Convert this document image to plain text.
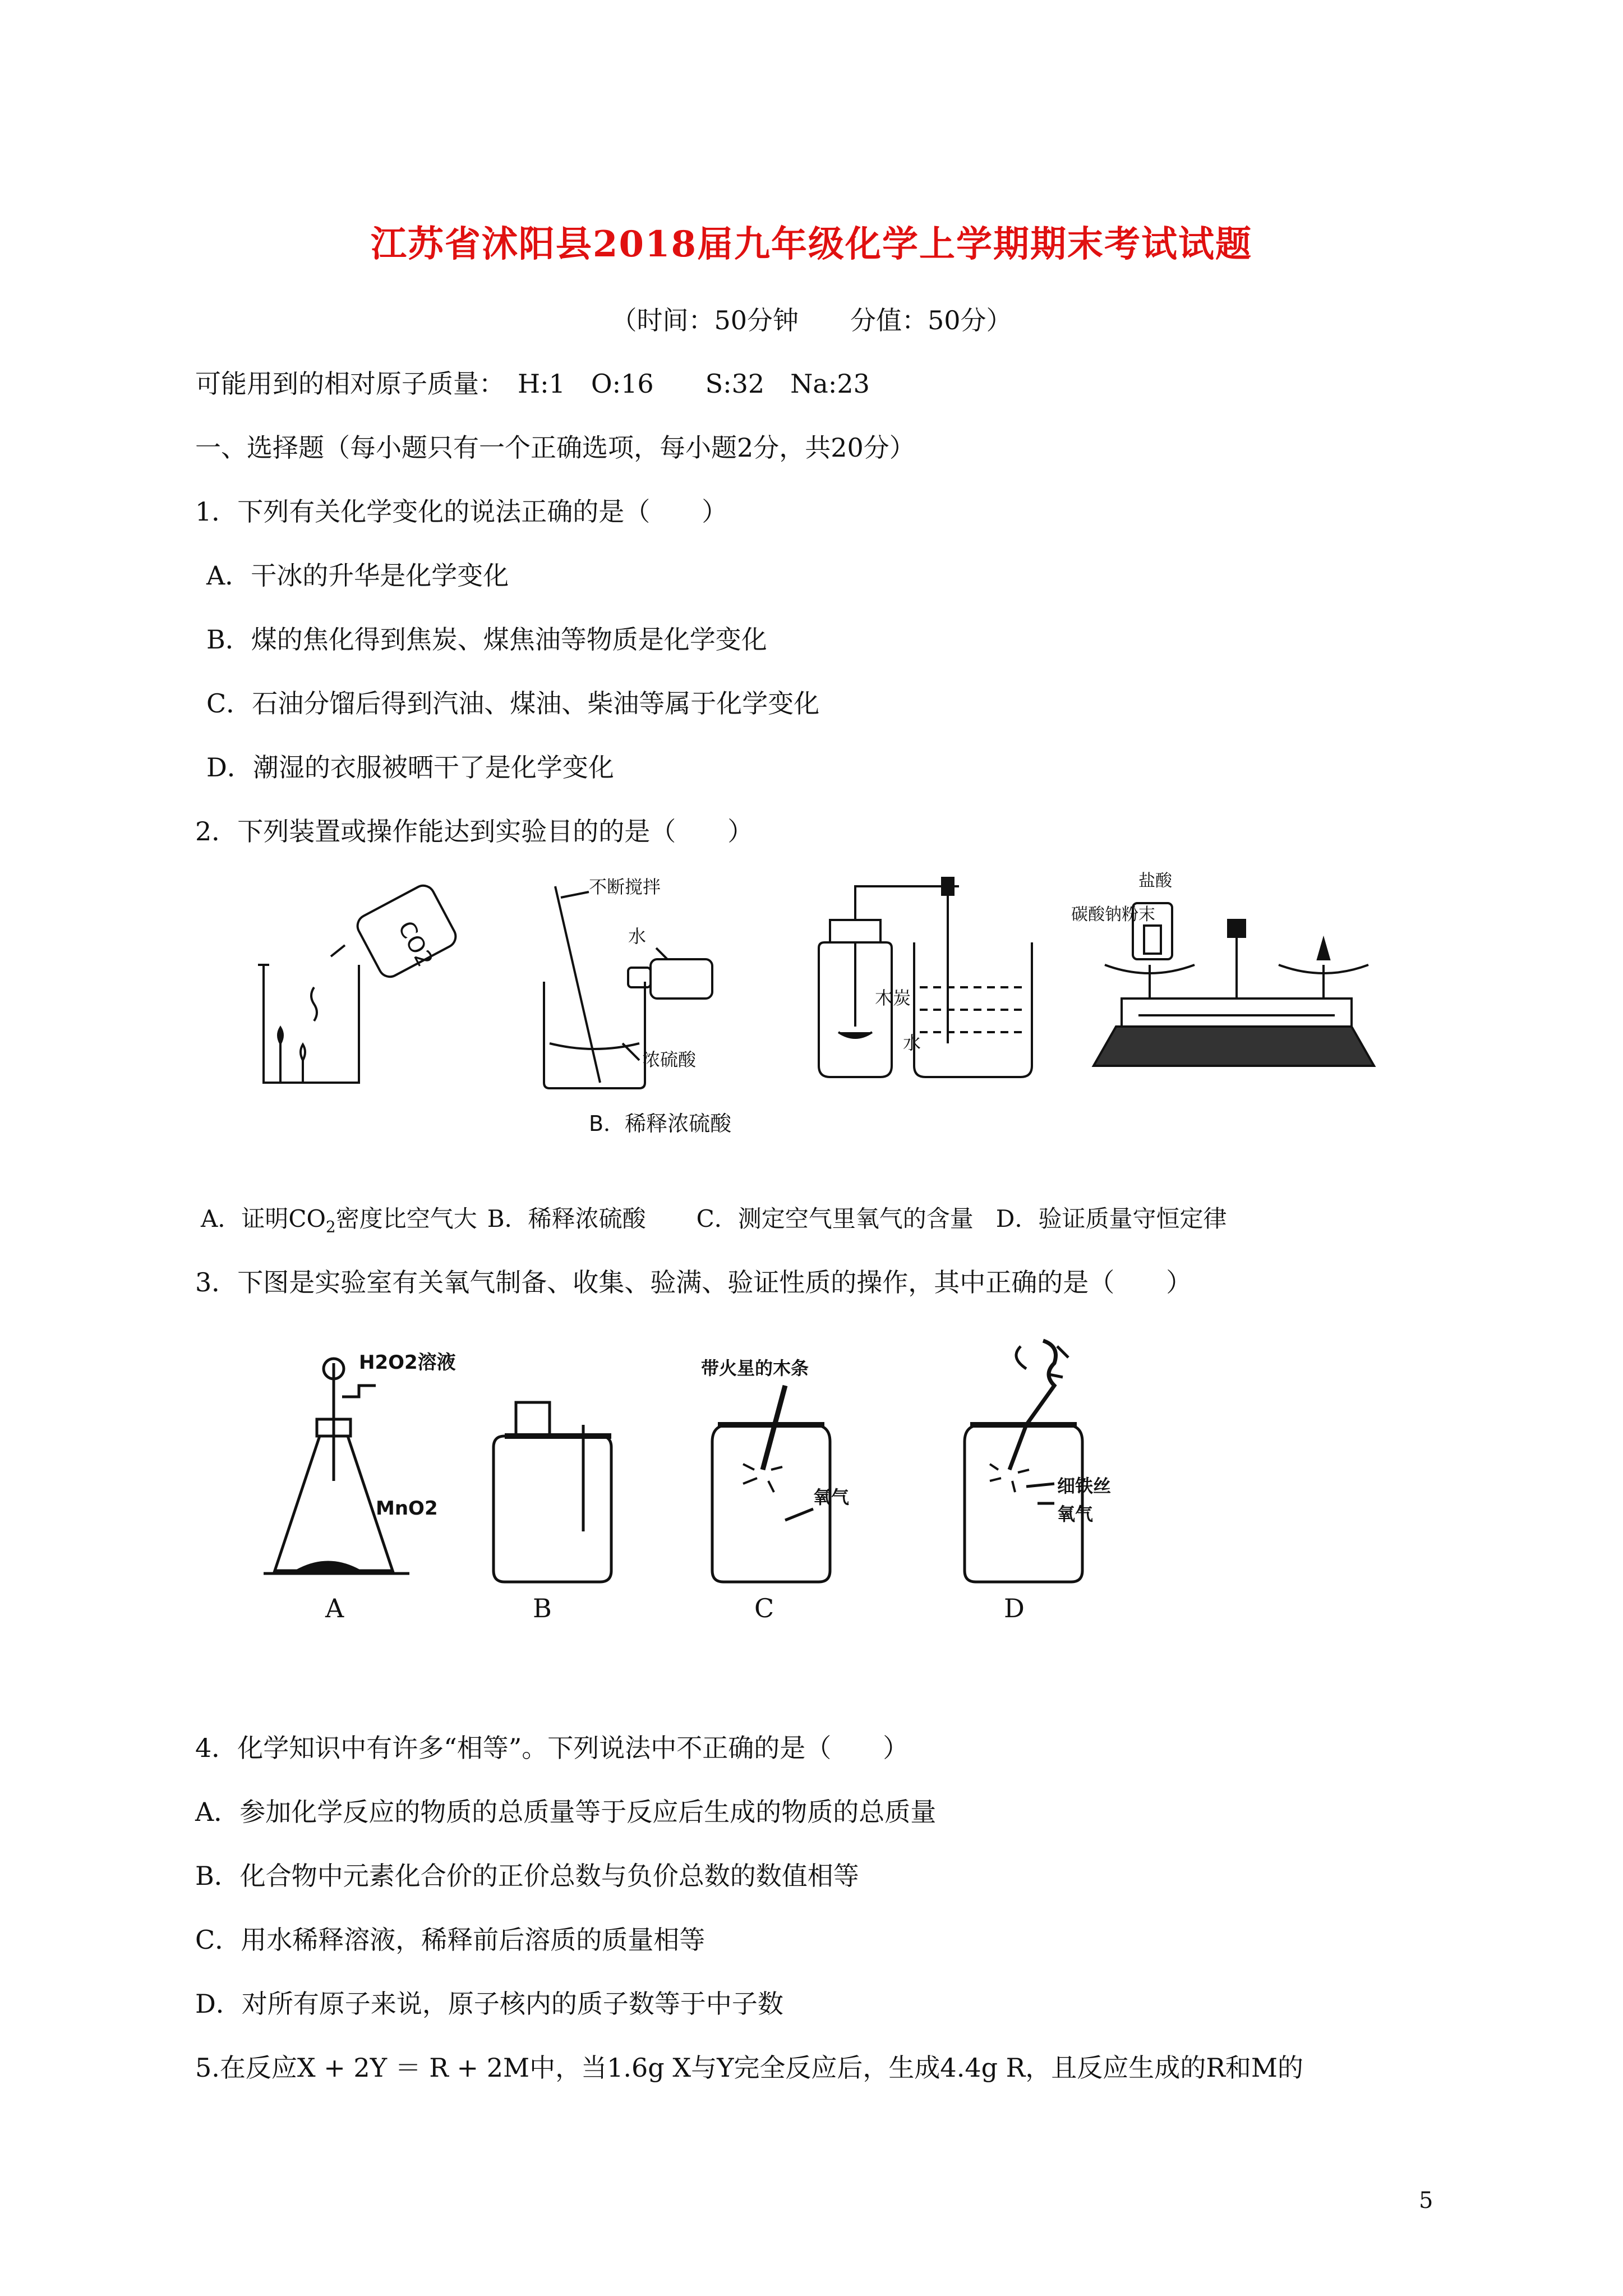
江苏省沭阳县2018届九年级化学上学期期末考试试题
（时间：50分钟　　分值：50分）
可能用到的相对原子质量：　H:1　O:16　　S:32　Na:23
一、选择题（每小题只有一个正确选项，每小题2分，共20分）
1．下列有关化学变化的说法正确的是（　　）
A．干冰的升华是化学变化
B．煤的焦化得到焦炭、煤焦油等物质是化学变化
C．石油分馏后得到汽油、煤油、柴油等属于化学变化
D．潮湿的衣服被晒干了是化学变化
2．下列装置或操作能达到实验目的的是（　　）
CO2
不断搅拌
水
浓硫酸
B．稀释浓硫酸
木炭
水
盐酸
碳酸钠粉末
A．证明$CO_2$密度比空气大 B．稀释浓硫酸 C．测定空气里氧气的含量 D．验证质量守恒定律
3．下图是实验室有关氧气制备、收集、验满、验证性质的操作，其中正确的是（　　）
H2O2溶液
MnO2
带火星的木条
氧气
细铁丝
氧气
A	B	C	D
4．化学知识中有许多“相等”。下列说法中不正确的是（　　）
A．参加化学反应的物质的总质量等于反应后生成的物质的总质量
B．化合物中元素化合价的正价总数与负价总数的数值相等
C．用水稀释溶液，稀释前后溶质的质量相等
D．对所有原子来说，原子核内的质子数等于中子数
5.在反应X + 2Y ＝ R + 2M中，当1.6g X与Y完全反应后，生成4.4g R，且反应生成的R和M的
5
